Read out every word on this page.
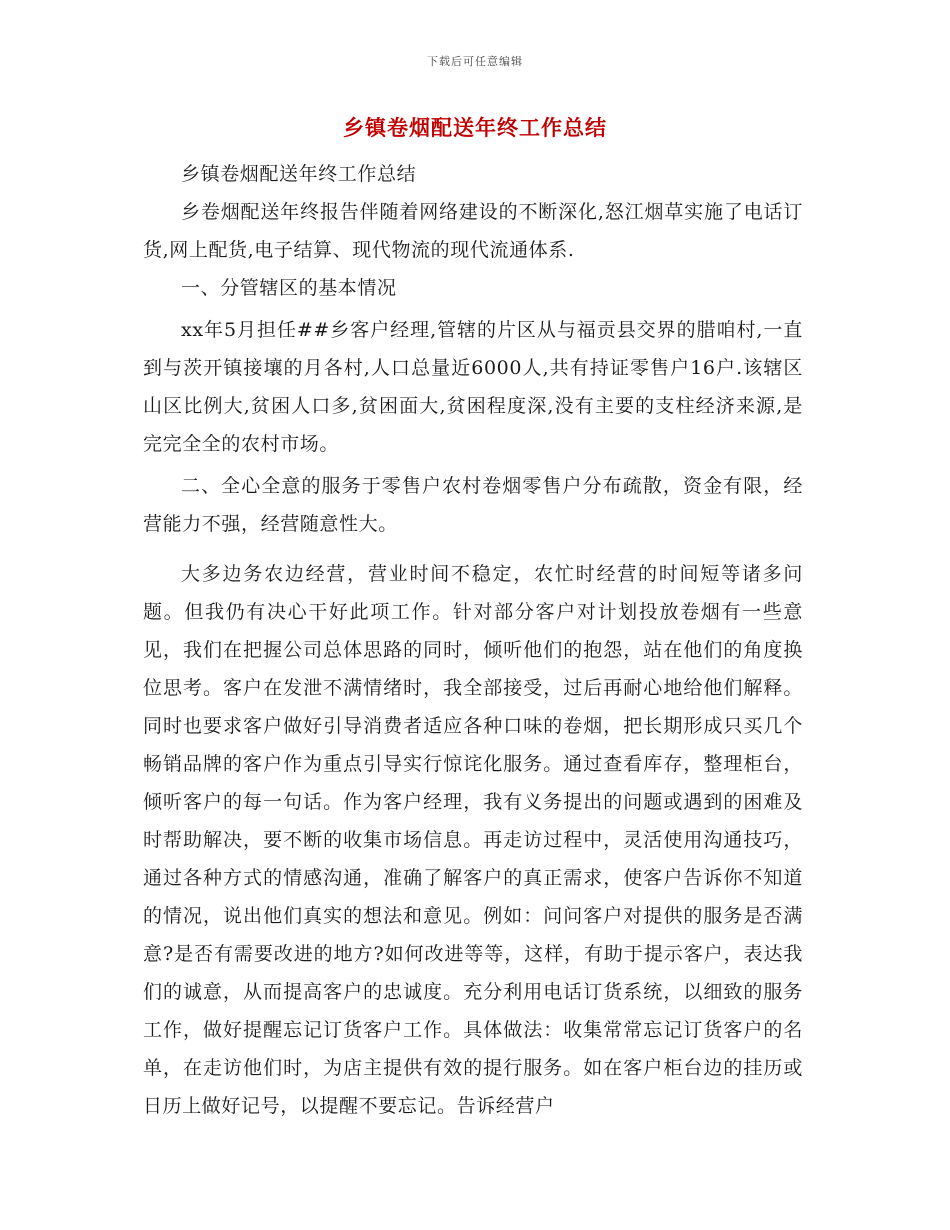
下载后可任意编辑
乡镇卷烟配送年终工作总结

乡镇卷烟配送年终工作总结

乡卷烟配送年终报告伴随着网络建设的不断深化,怒江烟草实施了电话订货,网上配货,电子结算、现代物流的现代流通体系.

一、分管辖区的基本情况

xx年5月担任##乡客户经理,管辖的片区从与福贡县交界的腊咱村,一直到与茨开镇接壤的月各村,人口总量近6000人,共有持证零售户16户.该辖区山区比例大,贫困人口多,贫困面大,贫困程度深,没有主要的支柱经济来源,是完完全全的农村市场。

二、全心全意的服务于零售户农村卷烟零售户分布疏散，资金有限，经营能力不强，经营随意性大。

大多边务农边经营，营业时间不稳定，农忙时经营的时间短等诸多问题。但我仍有决心干好此项工作。针对部分客户对计划投放卷烟有一些意见，我们在把握公司总体思路的同时，倾听他们的抱怨，站在他们的角度换位思考。客户在发泄不满情绪时，我全部接受，过后再耐心地给他们解释。同时也要求客户做好引导消费者适应各种口味的卷烟，把长期形成只买几个畅销品牌的客户作为重点引导实行惊诧化服务。通过查看库存，整理柜台，倾听客户的每一句话。作为客户经理，我有义务提出的问题或遇到的困难及时帮助解决，要不断的收集市场信息。再走访过程中，灵活使用沟通技巧，通过各种方式的情感沟通，准确了解客户的真正需求，使客户告诉你不知道的情况，说出他们真实的想法和意见。例如：问问客户对提供的服务是否满意?是否有需要改进的地方?如何改进等等，这样，有助于提示客户，表达我们的诚意，从而提高客户的忠诚度。充分利用电话订货系统，以细致的服务工作，做好提醒忘记订货客户工作。具体做法：收集常常忘记订货客户的名单，在走访他们时，为店主提供有效的提行服务。如在客户柜台边的挂历或日历上做好记号，以提醒不要忘记。告诉经营户
